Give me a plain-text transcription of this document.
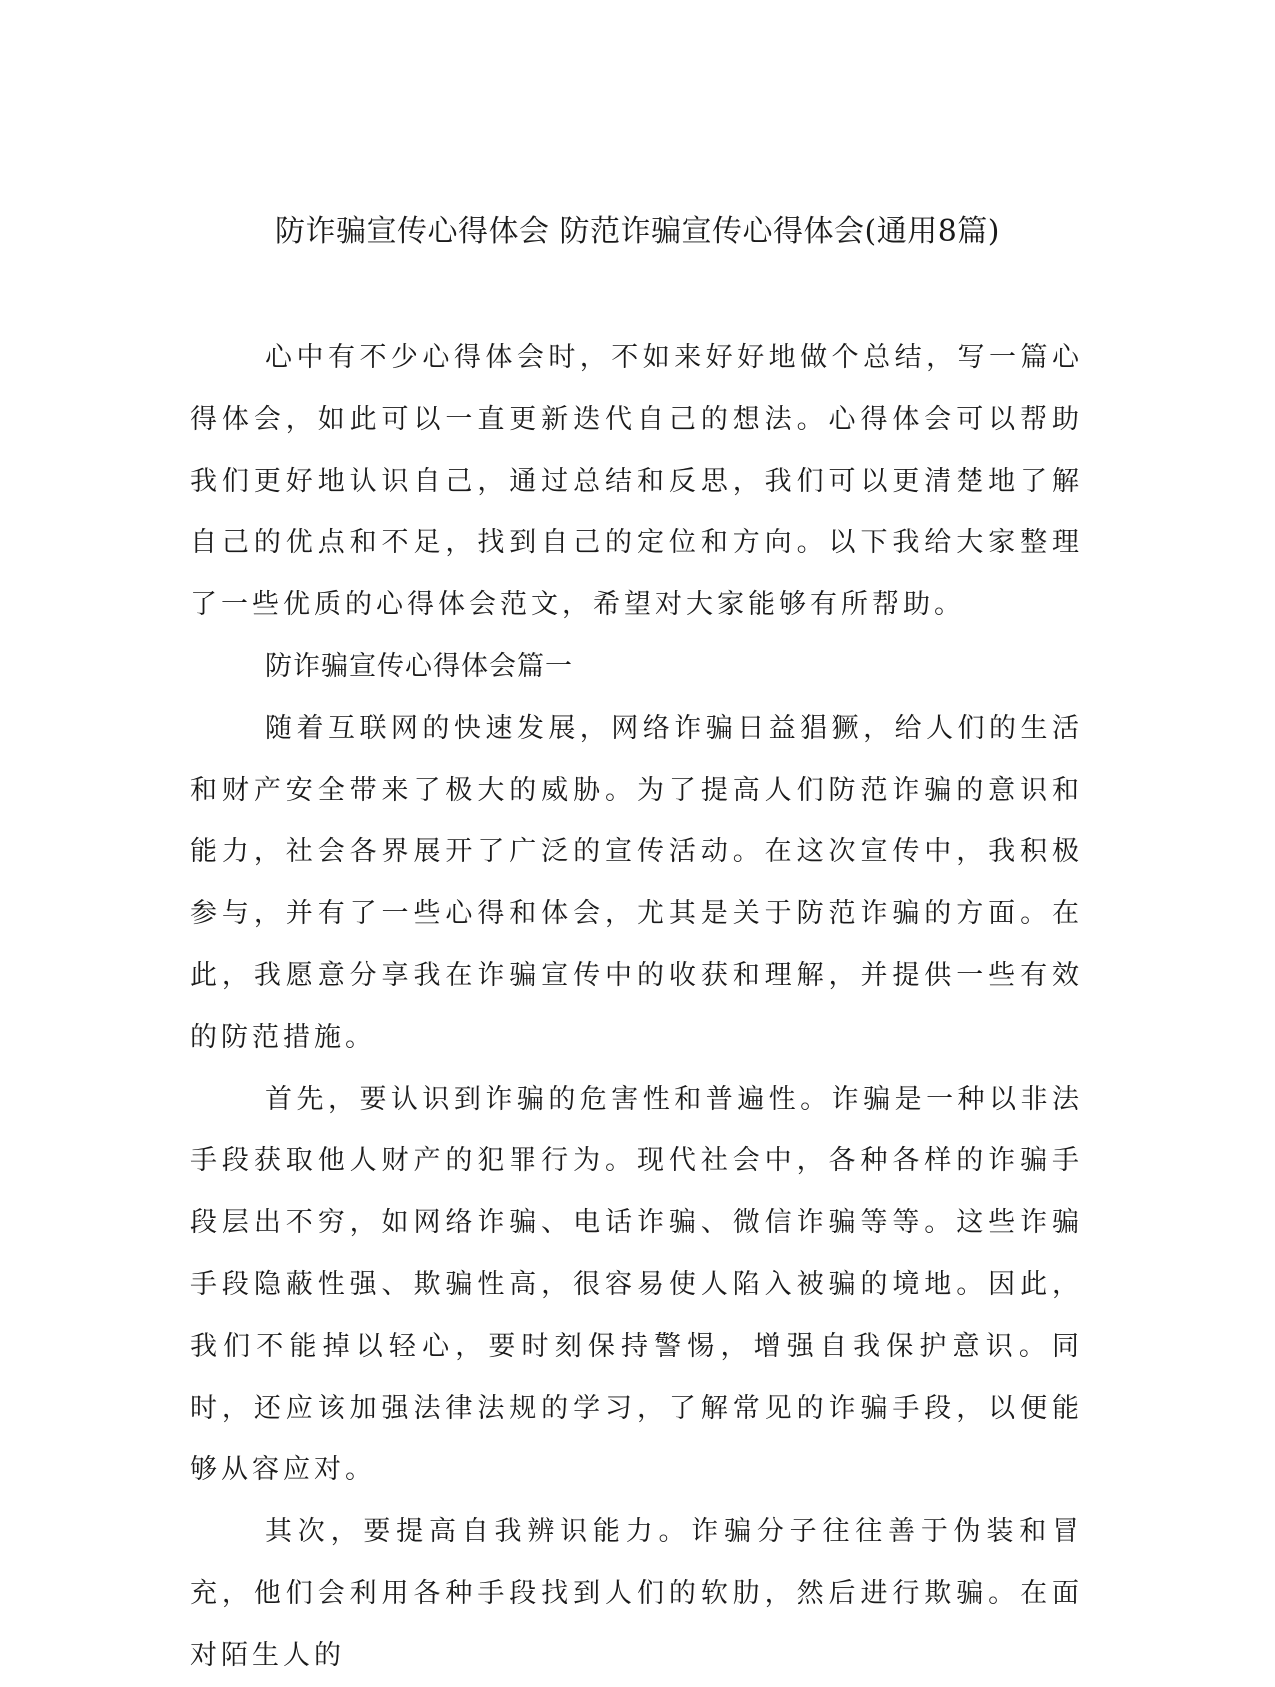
防诈骗宣传心得体会 防范诈骗宣传心得体会(通用8篇)

心中有不少心得体会时，不如来好好地做个总结，写一篇心得体会，如此可以一直更新迭代自己的想法。心得体会可以帮助我们更好地认识自己，通过总结和反思，我们可以更清楚地了解自己的优点和不足，找到自己的定位和方向。以下我给大家整理了一些优质的心得体会范文，希望对大家能够有所帮助。

防诈骗宣传心得体会篇一

随着互联网的快速发展，网络诈骗日益猖獗，给人们的生活和财产安全带来了极大的威胁。为了提高人们防范诈骗的意识和能力，社会各界展开了广泛的宣传活动。在这次宣传中，我积极参与，并有了一些心得和体会，尤其是关于防范诈骗的方面。在此，我愿意分享我在诈骗宣传中的收获和理解，并提供一些有效的防范措施。

首先，要认识到诈骗的危害性和普遍性。诈骗是一种以非法手段获取他人财产的犯罪行为。现代社会中，各种各样的诈骗手段层出不穷，如网络诈骗、电话诈骗、微信诈骗等等。这些诈骗手段隐蔽性强、欺骗性高，很容易使人陷入被骗的境地。因此，我们不能掉以轻心，要时刻保持警惕，增强自我保护意识。同时，还应该加强法律法规的学习，了解常见的诈骗手段，以便能够从容应对。

其次，要提高自我辨识能力。诈骗分子往往善于伪装和冒充，他们会利用各种手段找到人们的软肋，然后进行欺骗。在面对陌生人的
